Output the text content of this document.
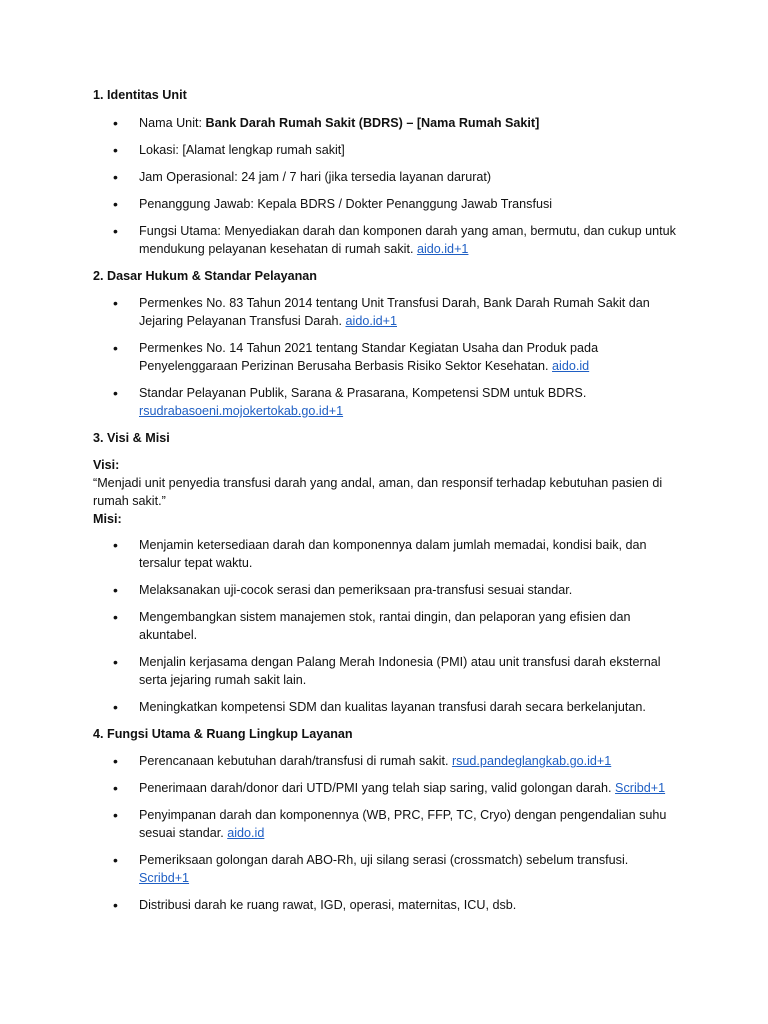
1. Identitas Unit
• Nama Unit: Bank Darah Rumah Sakit (BDRS) – [Nama Rumah Sakit]
• Lokasi: [Alamat lengkap rumah sakit]
• Jam Operasional: 24 jam / 7 hari (jika tersedia layanan darurat)
• Penanggung Jawab: Kepala BDRS / Dokter Penanggung Jawab Transfusi
• Fungsi Utama: Menyediakan darah dan komponen darah yang aman, bermutu, dan cukup untuk mendukung pelayanan kesehatan di rumah sakit. aido.id+1
2. Dasar Hukum & Standar Pelayanan
• Permenkes No. 83 Tahun 2014 tentang Unit Transfusi Darah, Bank Darah Rumah Sakit dan Jejaring Pelayanan Transfusi Darah. aido.id+1
• Permenkes No. 14 Tahun 2021 tentang Standar Kegiatan Usaha dan Produk pada Penyelenggaraan Perizinan Berusaha Berbasis Risiko Sektor Kesehatan. aido.id
• Standar Pelayanan Publik, Sarana & Prasarana, Kompetensi SDM untuk BDRS. rsudrabasoeni.mojokertokab.go.id+1
3. Visi & Misi
Visi:
“Menjadi unit penyedia transfusi darah yang andal, aman, dan responsif terhadap kebutuhan pasien di rumah sakit.”
Misi:
• Menjamin ketersediaan darah dan komponennya dalam jumlah memadai, kondisi baik, dan tersalur tepat waktu.
• Melaksanakan uji-cocok serasi dan pemeriksaan pra-transfusi sesuai standar.
• Mengembangkan sistem manajemen stok, rantai dingin, dan pelaporan yang efisien dan akuntabel.
• Menjalin kerjasama dengan Palang Merah Indonesia (PMI) atau unit transfusi darah eksternal serta jejaring rumah sakit lain.
• Meningkatkan kompetensi SDM dan kualitas layanan transfusi darah secara berkelanjutan.
4. Fungsi Utama & Ruang Lingkup Layanan
• Perencanaan kebutuhan darah/transfusi di rumah sakit. rsud.pandeglangkab.go.id+1
• Penerimaan darah/donor dari UTD/PMI yang telah siap saring, valid golongan darah. Scribd+1
• Penyimpanan darah dan komponennya (WB, PRC, FFP, TC, Cryo) dengan pengendalian suhu sesuai standar. aido.id
• Pemeriksaan golongan darah ABO-Rh, uji silang serasi (crossmatch) sebelum transfusi. Scribd+1
• Distribusi darah ke ruang rawat, IGD, operasi, maternitas, ICU, dsb.
